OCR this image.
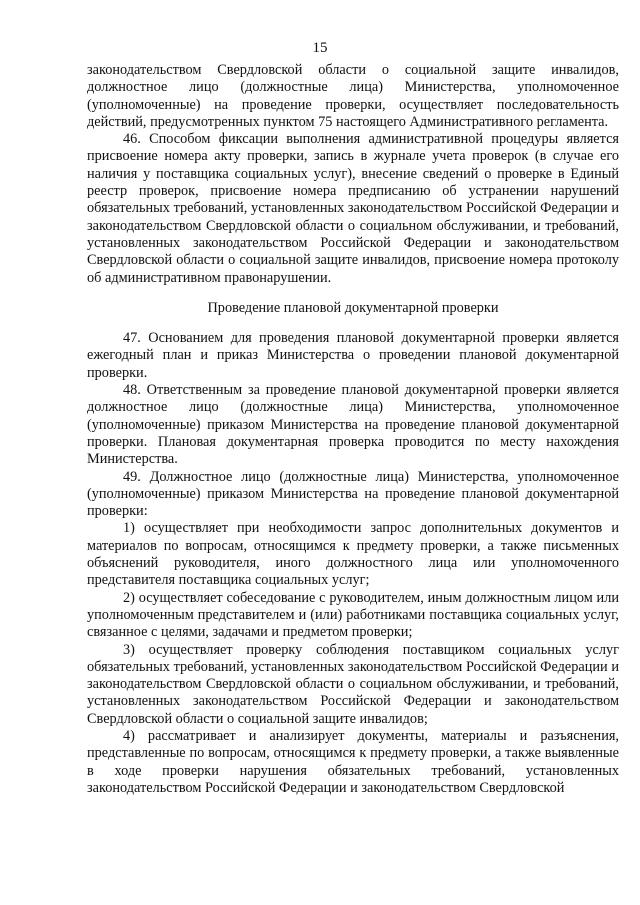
15

законодательством Свердловской области о социальной защите инвалидов, должностное лицо (должностные лица) Министерства, уполномоченное (уполномоченные) на проведение проверки, осуществляет последовательность действий, предусмотренных пунктом 75 настоящего Административного регламента.

46. Способом фиксации выполнения административной процедуры является присвоение номера акту проверки, запись в журнале учета проверок (в случае его наличия у поставщика социальных услуг), внесение сведений о проверке в Единый реестр проверок, присвоение номера предписанию об устранении нарушений обязательных требований, установленных законодательством Российской Федерации и законодательством Свердловской области о социальном обслуживании, и требований, установленных законодательством Российской Федерации и законодательством Свердловской области о социальной защите инвалидов, присвоение номера протоколу об административном правонарушении.

Проведение плановой документарной проверки

47. Основанием для проведения плановой документарной проверки является ежегодный план и приказ Министерства о проведении плановой документарной проверки.

48. Ответственным за проведение плановой документарной проверки является должностное лицо (должностные лица) Министерства, уполномоченное (уполномоченные) приказом Министерства на проведение плановой документарной проверки. Плановая документарная проверка проводится по месту нахождения Министерства.

49. Должностное лицо (должностные лица) Министерства, уполномоченное (уполномоченные) приказом Министерства на проведение плановой документарной проверки:

1) осуществляет при необходимости запрос дополнительных документов и материалов по вопросам, относящимся к предмету проверки, а также письменных объяснений руководителя, иного должностного лица или уполномоченного представителя поставщика социальных услуг;

2) осуществляет собеседование с руководителем, иным должностным лицом или уполномоченным представителем и (или) работниками поставщика социальных услуг, связанное с целями, задачами и предметом проверки;

3) осуществляет проверку соблюдения поставщиком социальных услуг обязательных требований, установленных законодательством Российской Федерации и законодательством Свердловской области о социальном обслуживании, и требований, установленных законодательством Российской Федерации и законодательством Свердловской области о социальной защите инвалидов;

4) рассматривает и анализирует документы, материалы и разъяснения, представленные по вопросам, относящимся к предмету проверки, а также выявленные в ходе проверки нарушения обязательных требований, установленных законодательством Российской Федерации и законодательством Свердловской
